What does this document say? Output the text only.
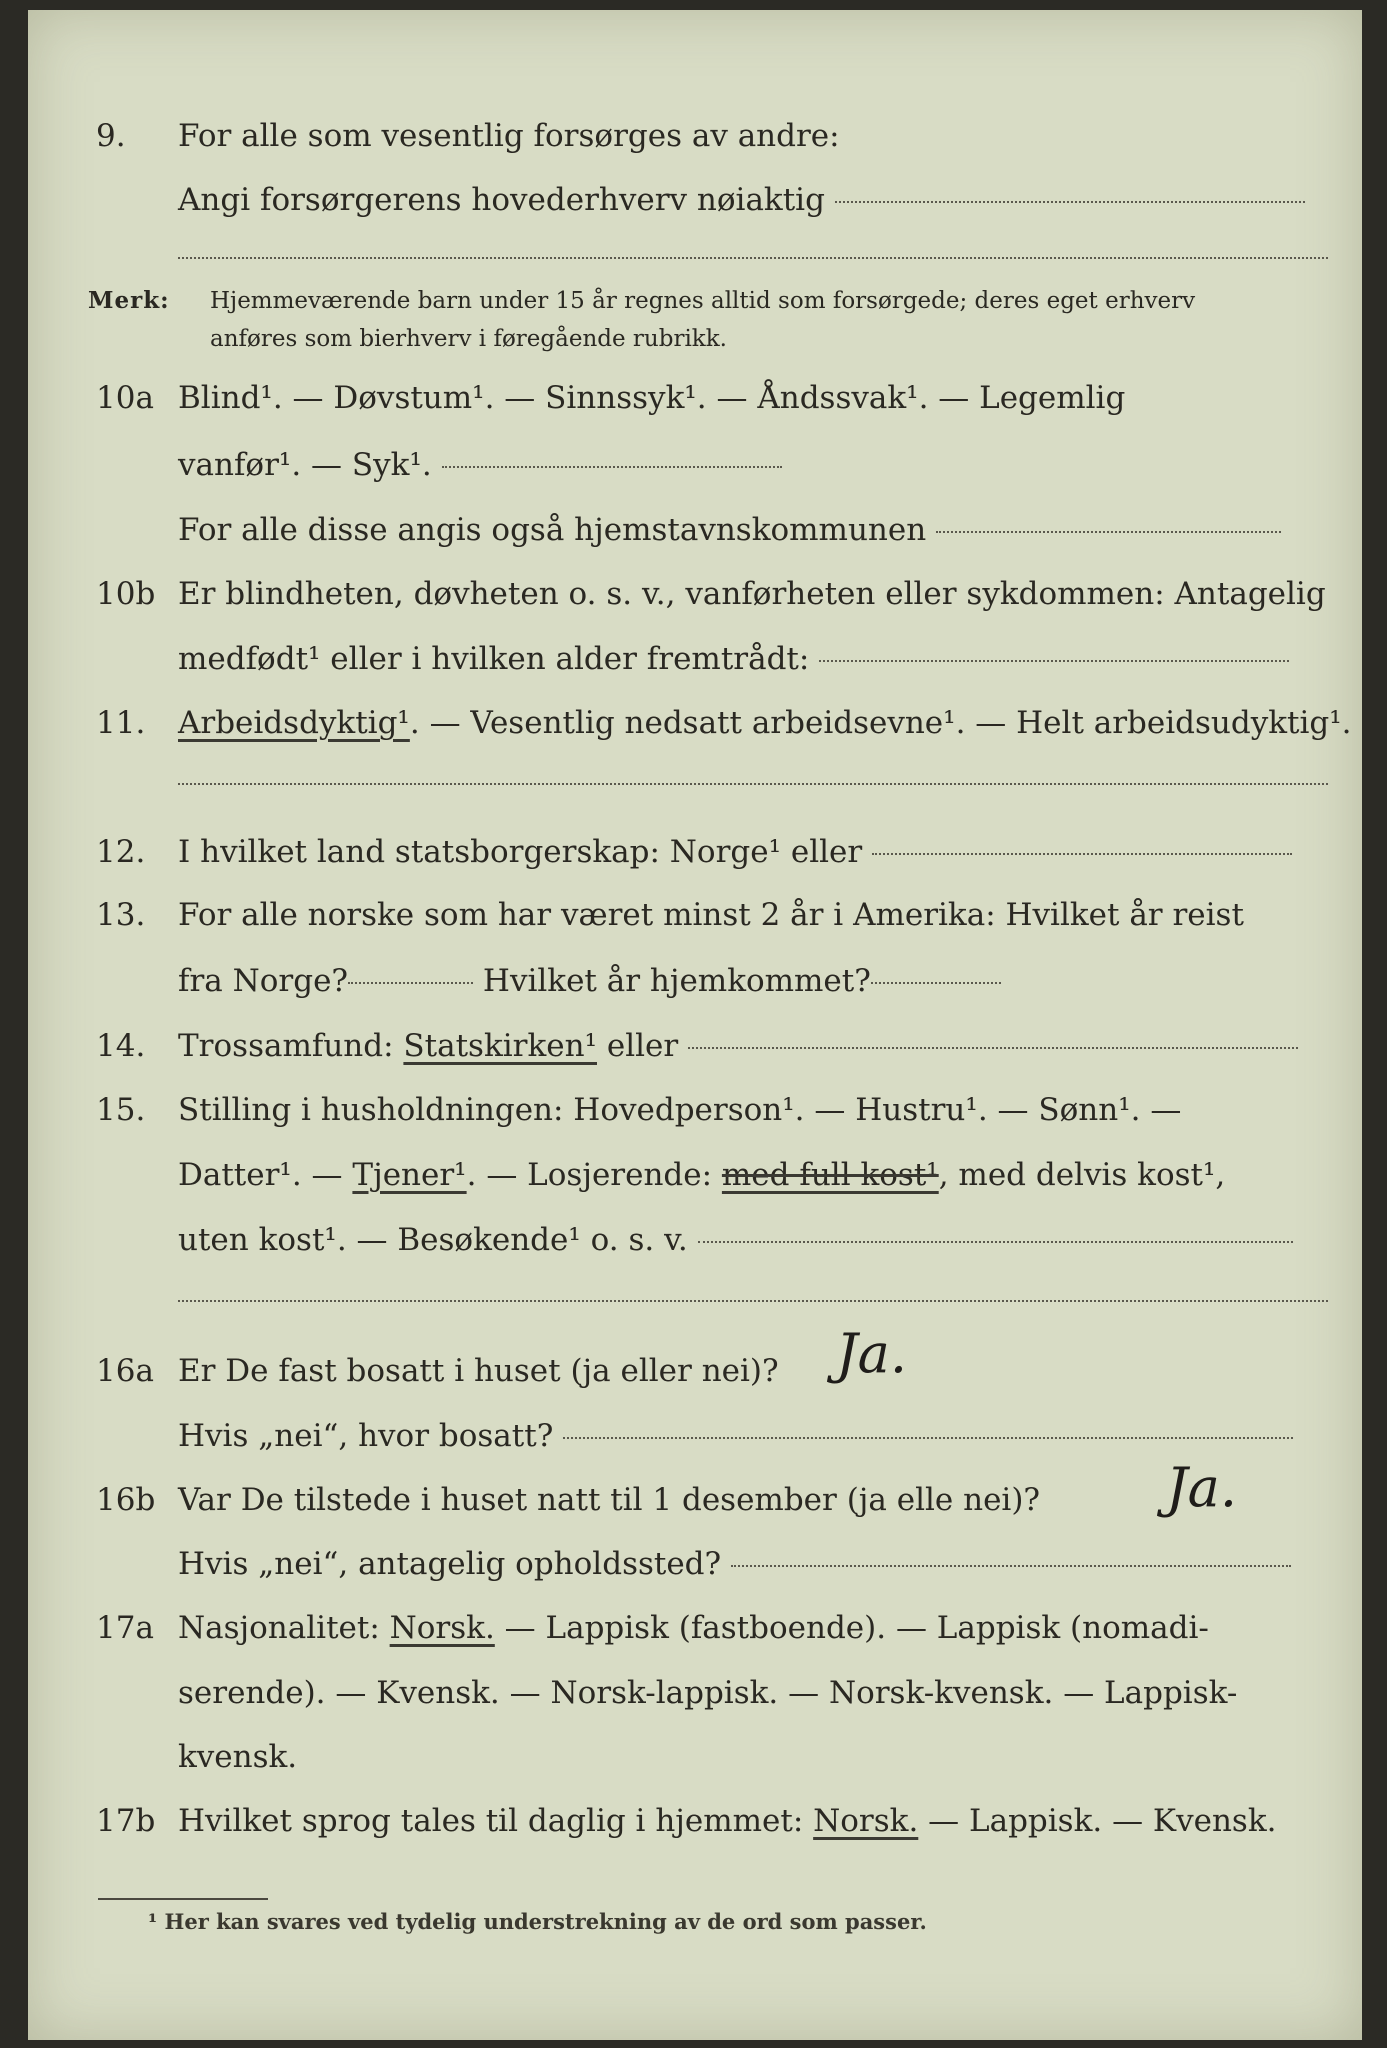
9. For alle som vesentlig forsørges av andre:
Angi forsørgerens hovederhverv nøiaktig
Merk: Hjemmeværende barn under 15 år regnes alltid som forsørgede; deres eget erhverv
anføres som bierhverv i føregående rubrikk.
10a Blind¹. — Døvstum¹. — Sinnssyk¹. — Åndssvak¹. — Legemlig
vanfør¹. — Syk¹.
For alle disse angis også hjemstavnskommunen
10b Er blindheten, døvheten o. s. v., vanførheten eller sykdommen: Antagelig
medfødt¹ eller i hvilken alder fremtrådt:
11. Arbeidsdyktig¹. — Vesentlig nedsatt arbeidsevne¹. — Helt arbeidsudyktig¹.
12. I hvilket land statsborgerskap: Norge¹ eller
13. For alle norske som har været minst 2 år i Amerika: Hvilket år reist
fra Norge?	Hvilket år hjemkommet?
14. Trossamfund: Statskirken¹ eller
15. Stilling i husholdningen: Hovedperson¹. — Hustru¹. — Sønn¹. —
Datter¹. — Tjener¹. — Losjerende: med full kost¹, med delvis kost¹,
uten kost¹. — Besøkende¹ o. s. v.
16a Er De fast bosatt i huset (ja eller nei)?	Ja.
Hvis „nei“, hvor bosatt?
16b Var De tilstede i huset natt til 1 desember (ja elle nei)?	Ja.
Hvis „nei“, antagelig opholdssted?
17a Nasjonalitet: Norsk. — Lappisk (fastboende). — Lappisk (nomadi-
serende). — Kvensk. — Norsk-lappisk. — Norsk-kvensk. — Lappisk-
kvensk.
17b Hvilket sprog tales til daglig i hjemmet: Norsk. — Lappisk. — Kvensk.
¹ Her kan svares ved tydelig understrekning av de ord som passer.
